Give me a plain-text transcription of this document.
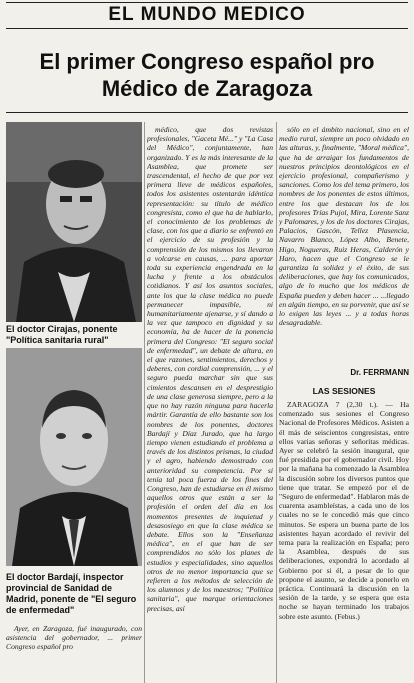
EL MUNDO MEDICO
El primer Congreso español pro
Médico de Zaragoza
El doctor Cirajas, ponente "Política sanitaria rural"
El doctor Bardají, inspector provincial de Sanidad de Madrid, ponente de "El seguro de enfermedad"

Ayer, en Zaragoza, fué inaugurado, con asistencia del gobernador, ... primer Congreso español pro

médico, que dos revistas profesionales, "Gaceta Mé..." y "La Casa del Médico", conjuntamente, han organizado. Y es la más interesante de la Asamblea, que promete ser trascendental, el hecho de que por vez primera lleve de médicos españoles, todos los asistentes ostentarán idéntica representación: su título de médico congresista, como el que ha de hablarlo, el conocimiento de los problemas de clase, con los que a diario se enfrentó en el ejercicio de su profesión y la comprensión de los mismos los llevaron a volcarse en causas, ... para aportar toda su experiencia engendrada en la lucha y frente a los obstáculos cotidianos. Y así los asuntos sociales, ante los que la clase médica no puede permanecer impasible, ni humanitariamente ajenarse, y sí dando a la vez que tampoco en dignidad y su economía, ha de hacer de la ponencia primera del Congreso: "El seguro social de enfermedad", un debate de altura, en el que razones, sentimientos, derechos y deberes, con cordial comprensión, ... y el seguro pueda marchar sin que sus cimientos descansen en el desprestigio de una clase generosa siempre, pero a la que no hay razón ninguna para hacerla mártir. Garantía de ello bastante son los nombres de los ponentes, doctores Bardají y Díaz Jurado, que ha largo tiempo vienen estudiando el problema a través de los distintos prismas, la ciudad y el agro, habiendo demostrado con anterioridad su competencia. Por si tenía tal poca fuerza de los fines del Congreso, han de estudiarse en él mismo aquellos otros que están a ser la profesión el orden del día en los momentos presentes de inquietud y desasosiego en que la clase médica se debate. Ellos son la "Enseñanza médica", en el que han de ser comprendidos no sólo los planes de estudios y especialidades, sino aquellos otros de no menor importancia que se refieren a los métodos de selección de los alumnos y de los maestros; "Política sanitaria", que marque orientaciones precisas, así

sólo en el ámbito nacional, sino en el medio rural, siempre un poco olvidado en las alturas, y, finalmente, "Moral médica", que ha de arraigar los fundamentos de nuestros principios deontológicos en el ejercicio profesional, compañerismo y sanciones. Como los del tema primero, los nombres de los ponentes de estos últimos, entre los que destacan los de los profesores Trías Pujol, Mira, Lorente Sanz y Palomares, y los de los doctores Cirajas, Palacios, Gascón, Tellez Plasencia, Navarro Blanco, López Albo, Benete, Higo, Nogueras, Ruiz Heras, Calderón y Haro, hacen que el Congreso se le garantiza la solidez y el éxito, de sus deliberaciones, que hay los comunicados, algo de lo mucho que los médicos de España pueden y deben hacer ... ...llegado en algún tiempo, en su porvenir, que así se lo exigen las leyes ... y a todas horas desagradable.

Dr. FERRMANN
LAS SESIONES

ZARAGOZA 7 (2,30 t.). — Ha comenzado sus sesiones el Congreso Nacional de Profesores Médicos. Asisten a él más de seiscientos congresistas, entre ellos varias señoras y señoritas médicas. Ayer se celebró la sesión inaugural, que fué presidida por el gobernador civil. Hoy por la mañana ha comenzado la Asamblea la discusión sobre los diversos puntos que tiene que tratar. Se empezó por el de "Seguro de enfermedad". Hablaron más de cuarenta asambleístas, a cada uno de los cuales no se le concedió más que cinco minutos. Se espera un buena parte de los asistentes hayan acordado el revivir del tema para la realización en España; pero la Asamblea, después de sus deliberaciones, expondrá lo acordado al Gobierno por si él, a pesar de lo que propone el asunto, se decide a ponerlo en práctica. Continuará la discusión en la sesión de la tarde, y se espera que esta noche se hayan terminado los trabajos sobre este asunto. (Febus.)
